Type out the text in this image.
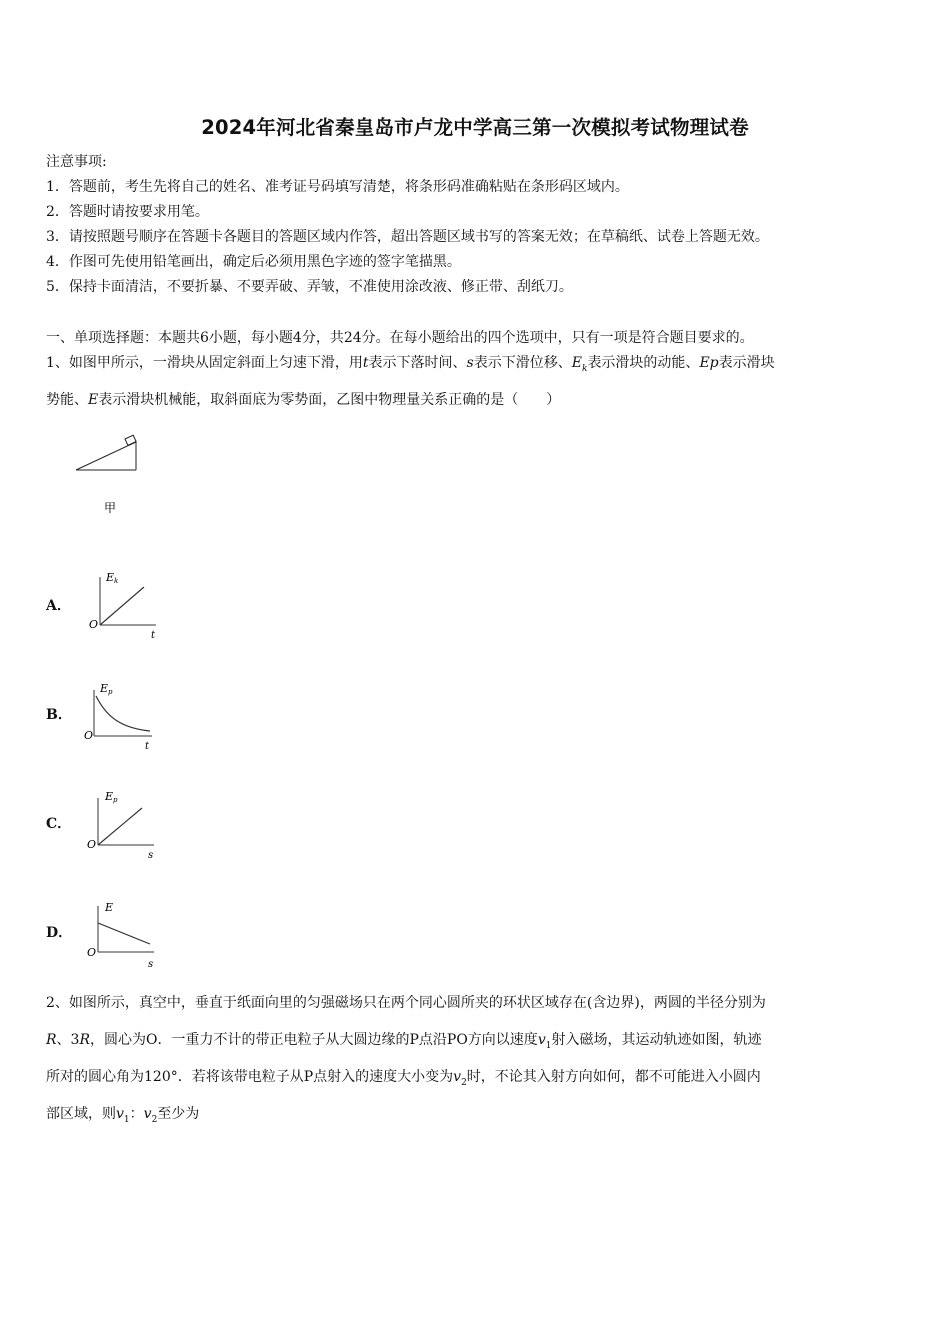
2024年河北省秦皇岛市卢龙中学高三第一次模拟考试物理试卷
注意事项:
1．答题前，考生先将自己的姓名、准考证号码填写清楚，将条形码准确粘贴在条形码区域内。
2．答题时请按要求用笔。
3．请按照题号顺序在答题卡各题目的答题区域内作答，超出答题区域书写的答案无效；在草稿纸、试卷上答题无效。
4．作图可先使用铅笔画出，确定后必须用黑色字迹的签字笔描黑。
5．保持卡面清洁，不要折暴、不要弄破、弄皱，不准使用涂改液、修正带、刮纸刀。
一、单项选择题：本题共6小题，每小题4分，共24分。在每小题给出的四个选项中，只有一项是符合题目要求的。
1、如图甲所示，一滑块从固定斜面上匀速下滑，用t表示下落时间、s表示下滑位移、$E_k$表示滑块的动能、Ep表示滑块
势能、E表示滑块机械能，取斜面底为零势面，乙图中物理量关系正确的是（　　）
甲
A．
Ek
O
t
B．
Ep
O
t
C．
Ep
O
s
D．
E
O
s
2、如图所示，真空中，垂直于纸面向里的匀强磁场只在两个同心圆所夹的环状区域存在(含边界)，两圆的半径分别为
R、3R，圆心为O．一重力不计的带正电粒子从大圆边缘的P点沿PO方向以速度$v_1$射入磁场，其运动轨迹如图，轨迹
所对的圆心角为120°．若将该带电粒子从P点射入的速度大小变为$v_2$时，不论其入射方向如何，都不可能进入小圆内
部区域，则$v_1$：$v_2$至少为
